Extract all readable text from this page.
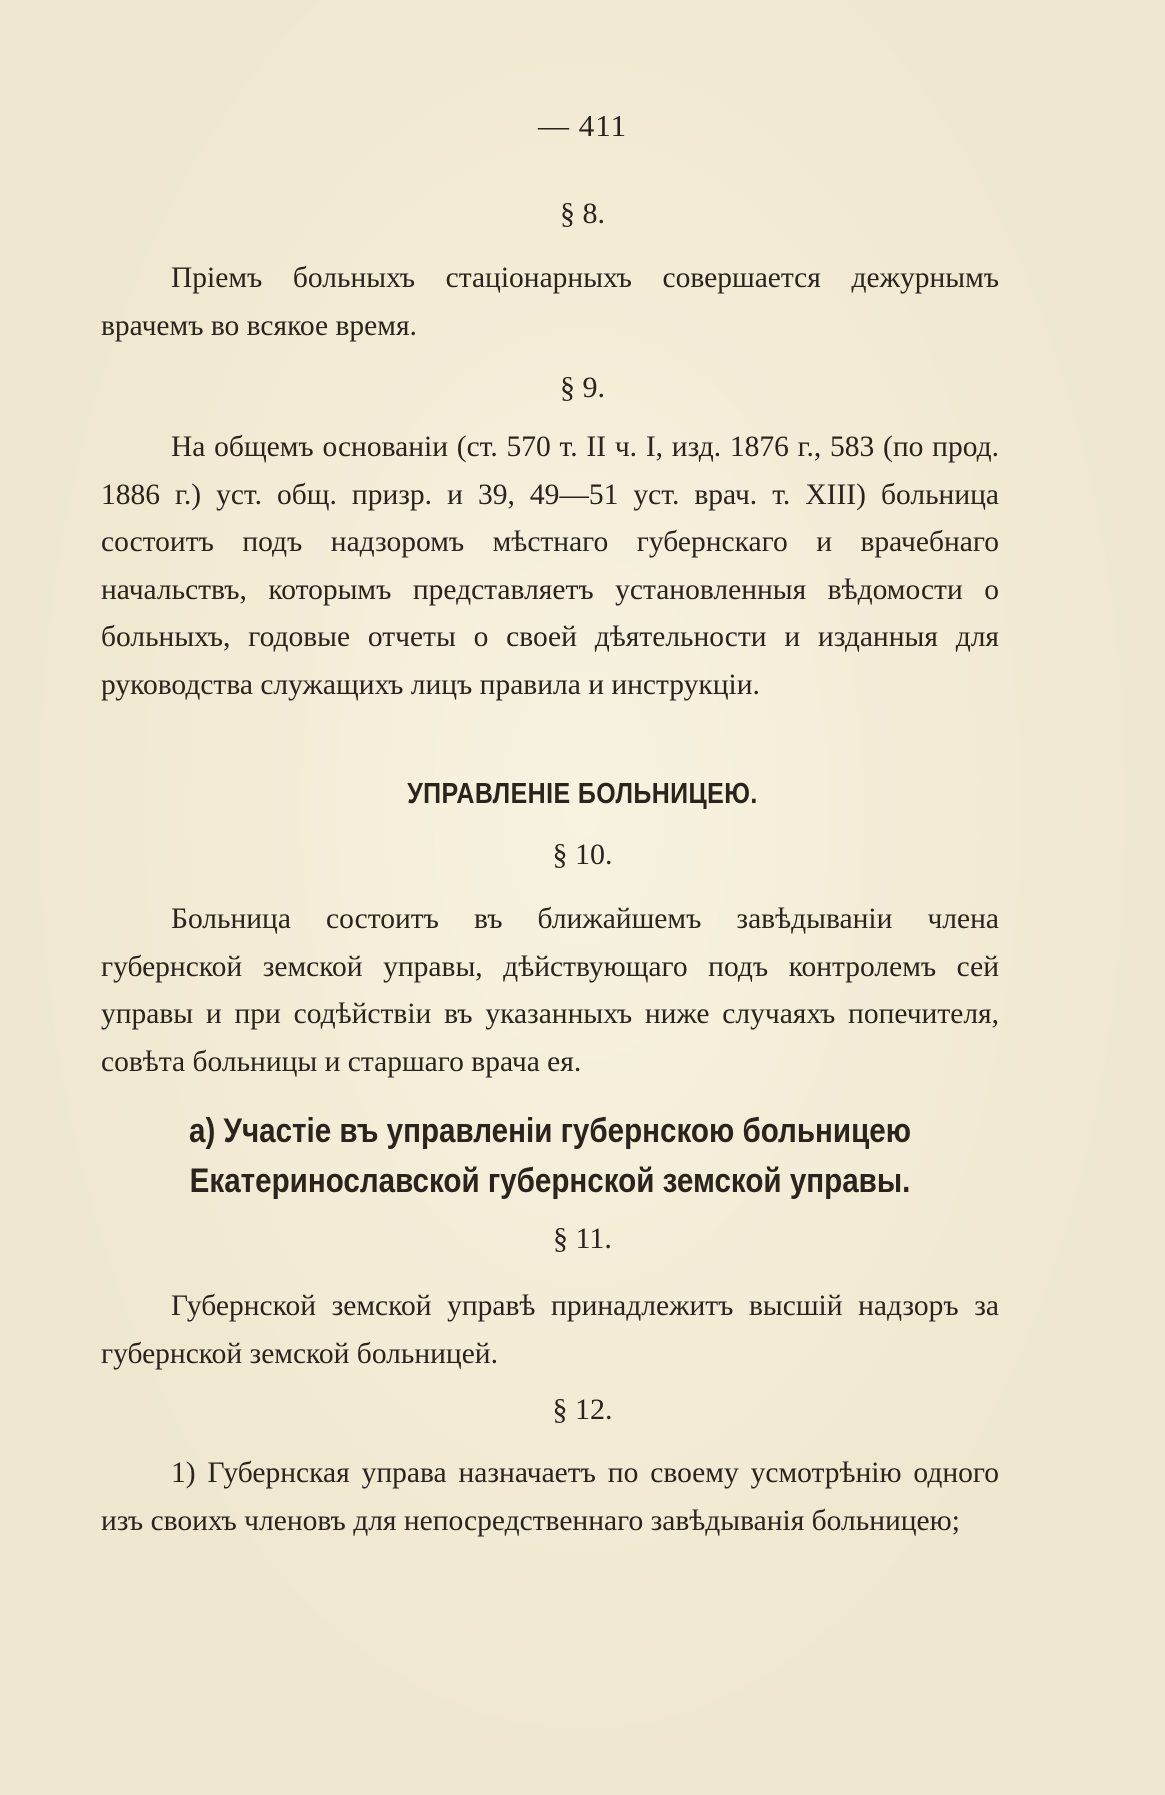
— 411
§ 8.

Пріемъ больныхъ стаціонарныхъ совершается дежурнымъ врачемъ во всякое время.

§ 9.

На общемъ основаніи (ст. 570 т. II ч. I, изд. 1876 г., 583 (по прод. 1886 г.) уст. общ. призр. и 39, 49—51 уст. врач. т. XIII) больница состоитъ подъ надзоромъ мѣстнаго губернскаго и врачебнаго начальствъ, которымъ представляетъ установленныя вѣдомости о больныхъ, годовые отчеты о своей дѣятельности и изданныя для руководства служащихъ лицъ правила и инструкціи.

УПРАВЛЕНІЕ БОЛЬНИЦЕЮ.
§ 10.

Больница состоитъ въ ближайшемъ завѣдываніи члена губернской земской управы, дѣйствующаго подъ контролемъ сей управы и при содѣйствіи въ указанныхъ ниже случаяхъ попечителя, совѣта больницы и старшаго врача ея.

а) Участіе въ управленіи губернскою больницею Екатеринославской губернской земской управы.
§ 11.

Губернской земской управѣ принадлежитъ высшій надзоръ за губернской земской больницей.

§ 12.

1) Губернская управа назначаетъ по своему усмотрѣнію одного изъ своихъ членовъ для непосредственнаго завѣдыванія больницею;
